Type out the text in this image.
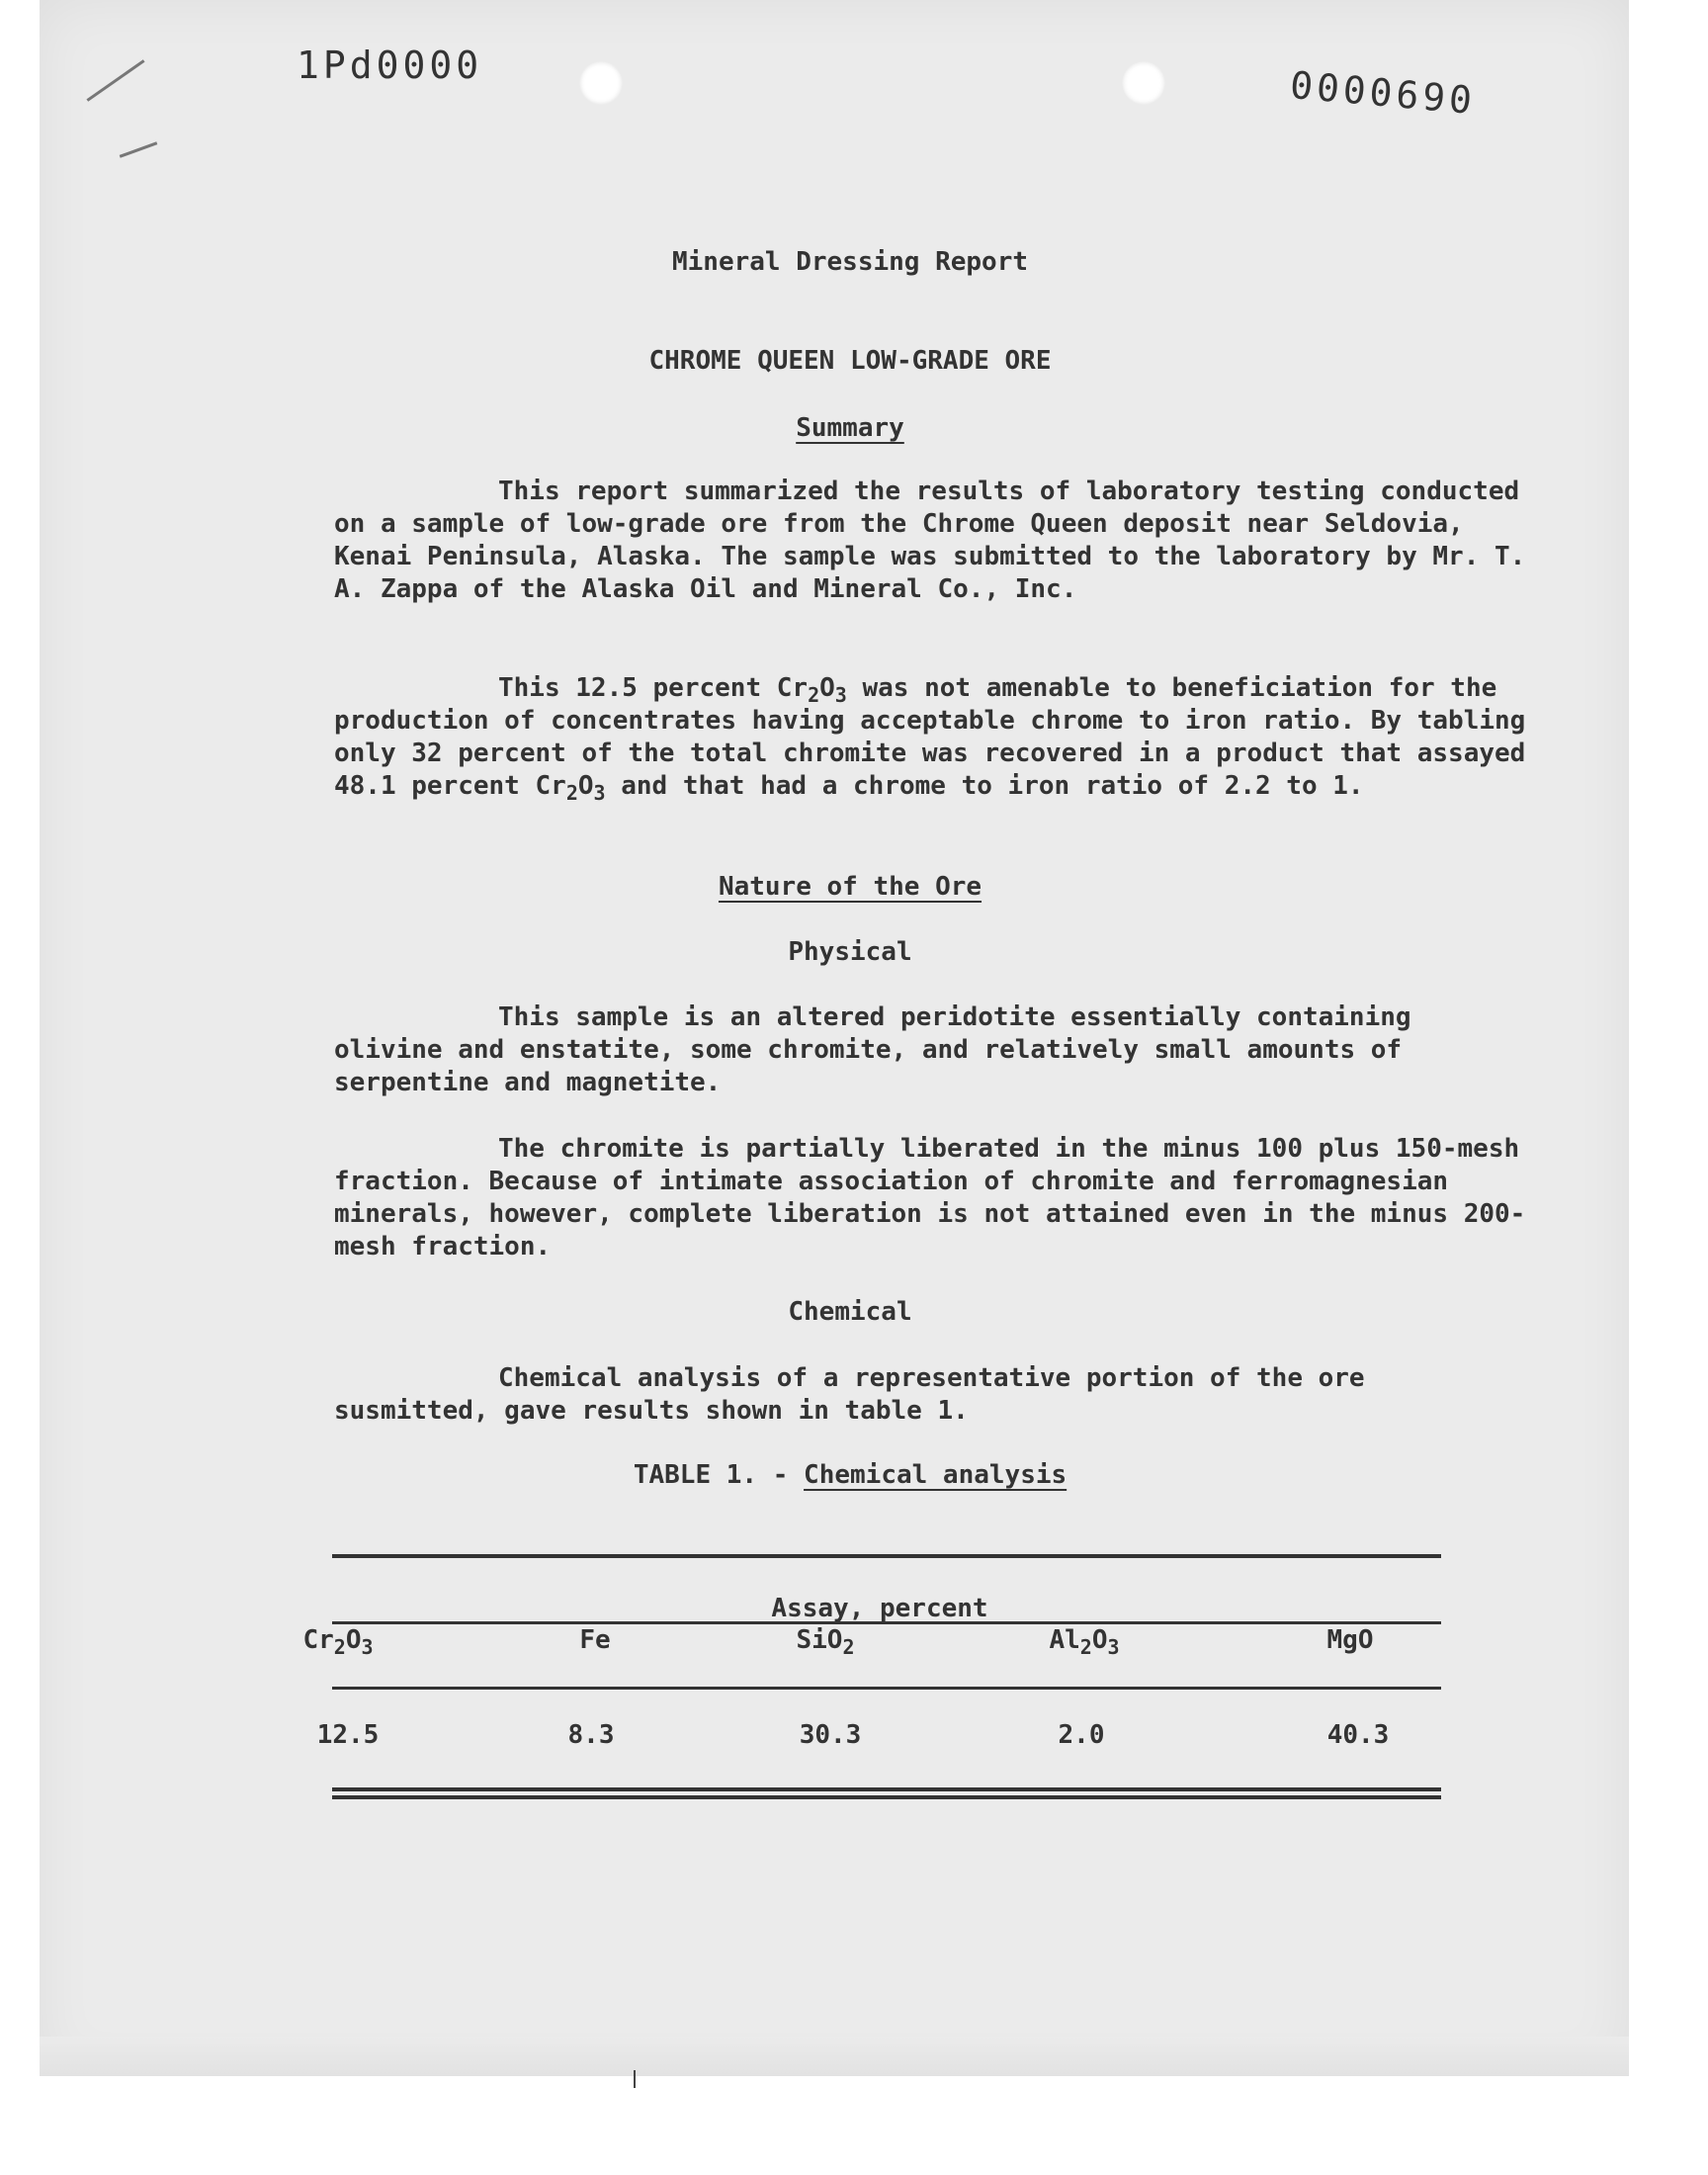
1Pd0000	0000690
Mineral Dressing Report
CHROME QUEEN LOW-GRADE ORE
Summary

This report summarized the results of laboratory testing conducted on a sample of low-grade ore from the Chrome Queen deposit near Seldovia, Kenai Peninsula, Alaska. The sample was submitted to the laboratory by Mr. T. A. Zappa of the Alaska Oil and Mineral Co., Inc.

This 12.5 percent $Cr_2O_3$ was not amenable to beneficiation for the production of concentrates having acceptable chrome to iron ratio. By tabling only 32 percent of the total chromite was recovered in a product that assayed 48.1 percent $Cr_2O_3$ and that had a chrome to iron ratio of 2.2 to 1.

Nature of the Ore
Physical

This sample is an altered peridotite essentially containing olivine and enstatite, some chromite, and relatively small amounts of serpentine and magnetite.

The chromite is partially liberated in the minus 100 plus 150-mesh fraction. Because of intimate association of chromite and ferromagnesian minerals, however, complete liberation is not attained even in the minus 200-mesh fraction.

Chemical

Chemical analysis of a representative portion of the ore susmitted, gave results shown in table 1.

TABLE 1. - Chemical analysis
Assay, percent
$Cr_2O_3$	Fe	SiO$_2$	$Al_2O_3$	MgO
12.5	8.3	30.3	2.0	40.3
